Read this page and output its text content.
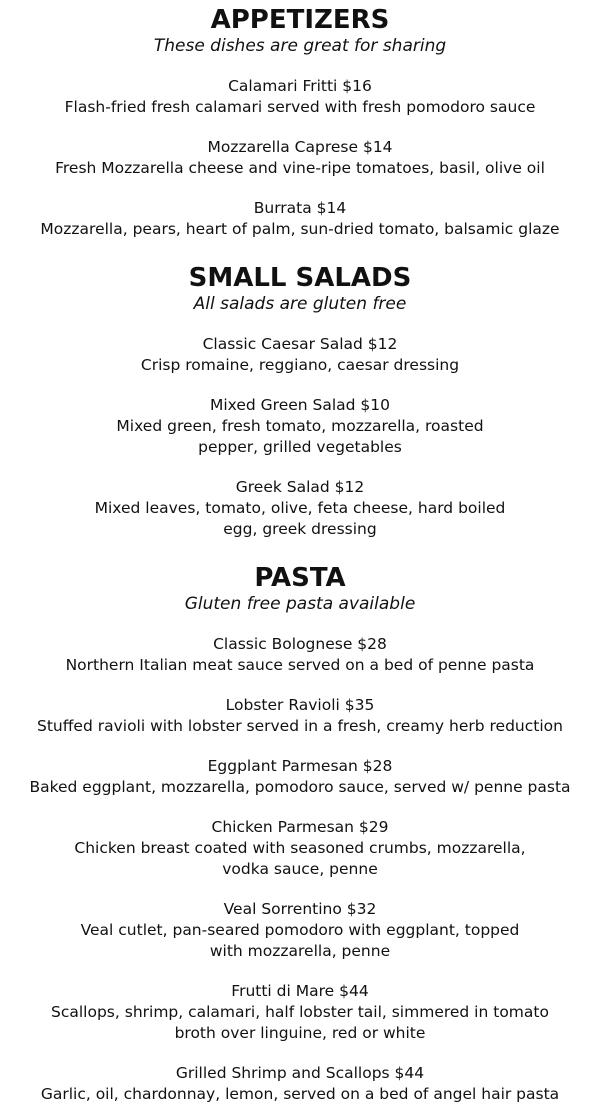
APPETIZERS

These dishes are great for sharing

Calamari Fritti $16

Flash-fried fresh calamari served with fresh pomodoro sauce

Mozzarella Caprese $14

Fresh Mozzarella cheese and vine-ripe tomatoes, basil, olive oil

Burrata $14

Mozzarella, pears, heart of palm, sun-dried tomato, balsamic glaze

SMALL SALADS

All salads are gluten free

Classic Caesar Salad $12

Crisp romaine, reggiano, caesar dressing

Mixed Green Salad $10

Mixed green, fresh tomato, mozzarella, roasted

pepper, grilled vegetables

Greek Salad $12

Mixed leaves, tomato, olive, feta cheese, hard boiled

egg, greek dressing

PASTA

Gluten free pasta available

Classic Bolognese $28

Northern Italian meat sauce served on a bed of penne pasta

Lobster Ravioli $35

Stuffed ravioli with lobster served in a fresh, creamy herb reduction

Eggplant Parmesan $28

Baked eggplant, mozzarella, pomodoro sauce, served w/ penne pasta

Chicken Parmesan $29

Chicken breast coated with seasoned crumbs, mozzarella,

vodka sauce, penne

Veal Sorrentino $32

Veal cutlet, pan-seared pomodoro with eggplant, topped

with mozzarella, penne

Frutti di Mare $44

Scallops, shrimp, calamari, half lobster tail, simmered in tomato

broth over linguine, red or white

Grilled Shrimp and Scallops $44

Garlic, oil, chardonnay, lemon, served on a bed of angel hair pasta
